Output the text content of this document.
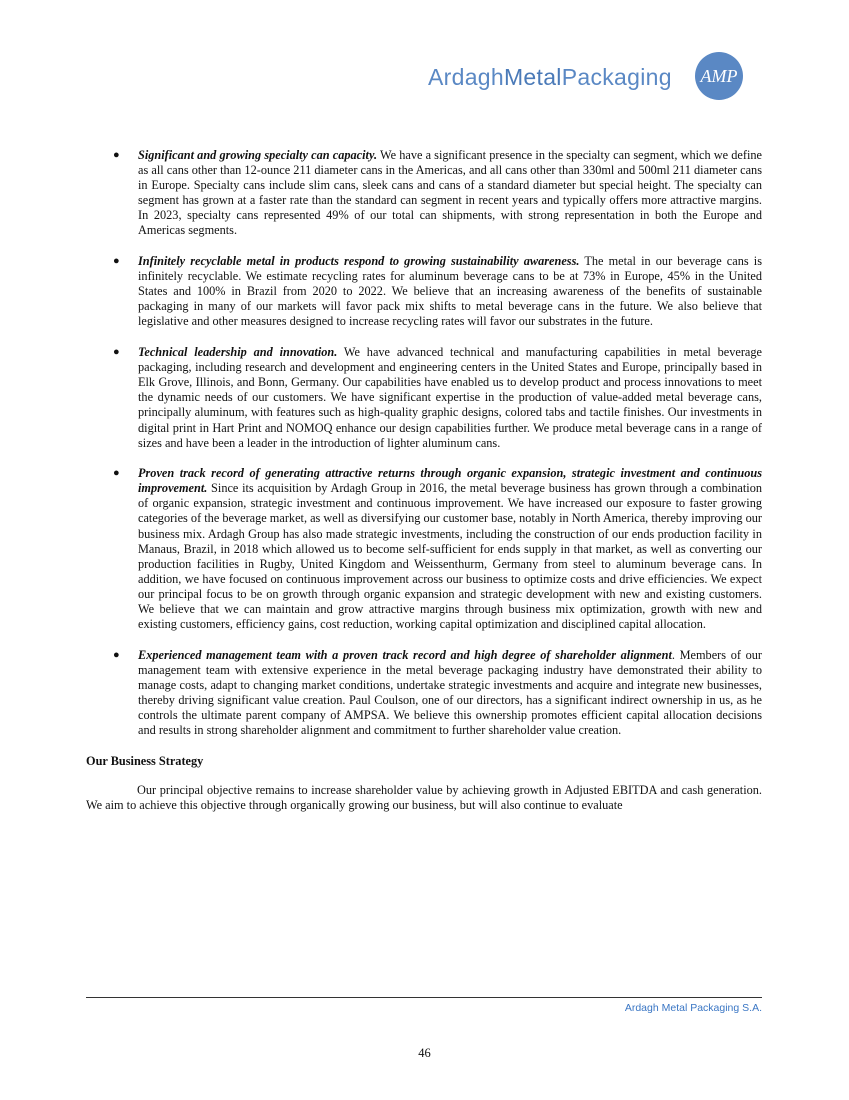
ArdaghMetalPackaging AMP
● Significant and growing specialty can capacity. We have a significant presence in the specialty can segment, which we define as all cans other than 12-ounce 211 diameter cans in the Americas, and all cans other than 330ml and 500ml 211 diameter cans in Europe. Specialty cans include slim cans, sleek cans and cans of a standard diameter but special height. The specialty can segment has grown at a faster rate than the standard can segment in recent years and typically offers more attractive margins. In 2023, specialty cans represented 49% of our total can shipments, with strong representation in both the Europe and Americas segments.
● Infinitely recyclable metal in products respond to growing sustainability awareness. The metal in our beverage cans is infinitely recyclable. We estimate recycling rates for aluminum beverage cans to be at 73% in Europe, 45% in the United States and 100% in Brazil from 2020 to 2022. We believe that an increasing awareness of the benefits of sustainable packaging in many of our markets will favor pack mix shifts to metal beverage cans in the future. We also believe that legislative and other measures designed to increase recycling rates will favor our substrates in the future.
● Technical leadership and innovation. We have advanced technical and manufacturing capabilities in metal beverage packaging, including research and development and engineering centers in the United States and Europe, principally based in Elk Grove, Illinois, and Bonn, Germany. Our capabilities have enabled us to develop product and process innovations to meet the dynamic needs of our customers. We have significant expertise in the production of value-added metal beverage cans, principally aluminum, with features such as high-quality graphic designs, colored tabs and tactile finishes. Our investments in digital print in Hart Print and NOMOQ enhance our design capabilities further. We produce metal beverage cans in a range of sizes and have been a leader in the introduction of lighter aluminum cans.
● Proven track record of generating attractive returns through organic expansion, strategic investment and continuous improvement. Since its acquisition by Ardagh Group in 2016, the metal beverage business has grown through a combination of organic expansion, strategic investment and continuous improvement. We have increased our exposure to faster growing categories of the beverage market, as well as diversifying our customer base, notably in North America, thereby improving our business mix. Ardagh Group has also made strategic investments, including the construction of our ends production facility in Manaus, Brazil, in 2018 which allowed us to become self-sufficient for ends supply in that market, as well as converting our production facilities in Rugby, United Kingdom and Weissenthurm, Germany from steel to aluminum beverage cans. In addition, we have focused on continuous improvement across our business to optimize costs and drive efficiencies. We expect our principal focus to be on growth through organic expansion and strategic development with new and existing customers. We believe that we can maintain and grow attractive margins through business mix optimization, growth with new and existing customers, efficiency gains, cost reduction, working capital optimization and disciplined capital allocation.
● Experienced management team with a proven track record and high degree of shareholder alignment. Members of our management team with extensive experience in the metal beverage packaging industry have demonstrated their ability to manage costs, adapt to changing market conditions, undertake strategic investments and acquire and integrate new businesses, thereby driving significant value creation. Paul Coulson, one of our directors, has a significant indirect ownership in us, as he controls the ultimate parent company of AMPSA. We believe this ownership promotes efficient capital allocation decisions and results in strong shareholder alignment and commitment to further shareholder value creation.
Our Business Strategy

Our principal objective remains to increase shareholder value by achieving growth in Adjusted EBITDA and cash generation. We aim to achieve this objective through organically growing our business, but will also continue to evaluate

Ardagh Metal Packaging S.A.
46
